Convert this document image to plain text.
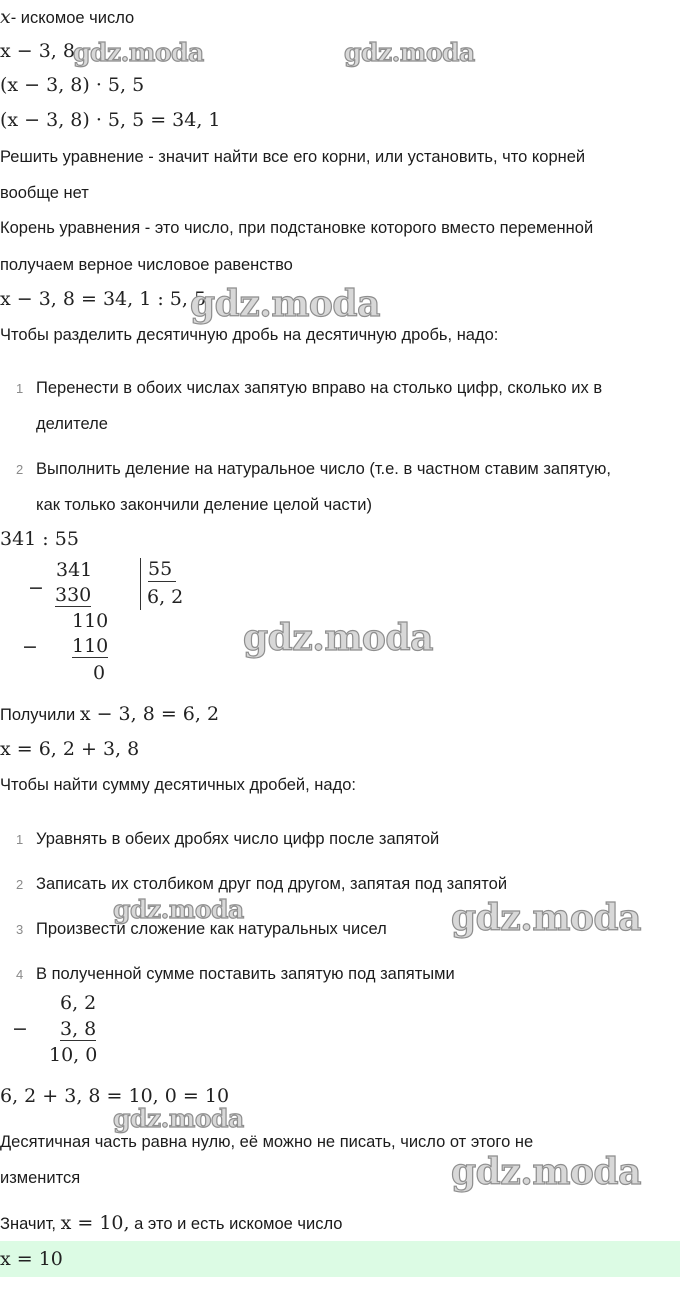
x- искомое число
x − 3, 8
gdz.moda	gdz.moda
(x − 3, 8) · 5, 5
(x − 3, 8) · 5, 5 = 34, 1
Решить уравнение - значит найти все его корни, или установить, что корней
вообще нет
Корень уравнения - это число, при подстановке которого вместо переменной
получаем верное числовое равенство
x − 3, 8 = 34, 1 : 5, 5
gdz.moda
Чтобы разделить десятичную дробь на десятичную дробь, надо:
1 Перенести в обоих числах запятую вправо на столько цифр, сколько их в
делителе
2 Выполнить деление на натуральное число (т.е. в частном ставим запятую,
как только закончили деление целой части)
341 : 55
−
341
330
55
6, 2
110
− 110
0
gdz.moda
Получили x − 3, 8 = 6, 2
x = 6, 2 + 3, 8
Чтобы найти сумму десятичных дробей, надо:
1 Уравнять в обеих дробях число цифр после запятой
2 Записать их столбиком друг под другом, запятая под запятой
3 Произвести сложение как натуральных чисел
4 В полученной сумме поставить запятую под запятыми
gdz.moda	gdz.moda
6, 2
− 3, 8
10, 0
6, 2 + 3, 8 = 10, 0 = 10
gdz.moda
Десятичная часть равна нулю, её можно не писать, число от этого не
изменится	gdz.moda
Значит, x = 10, а это и есть искомое число
x = 10
